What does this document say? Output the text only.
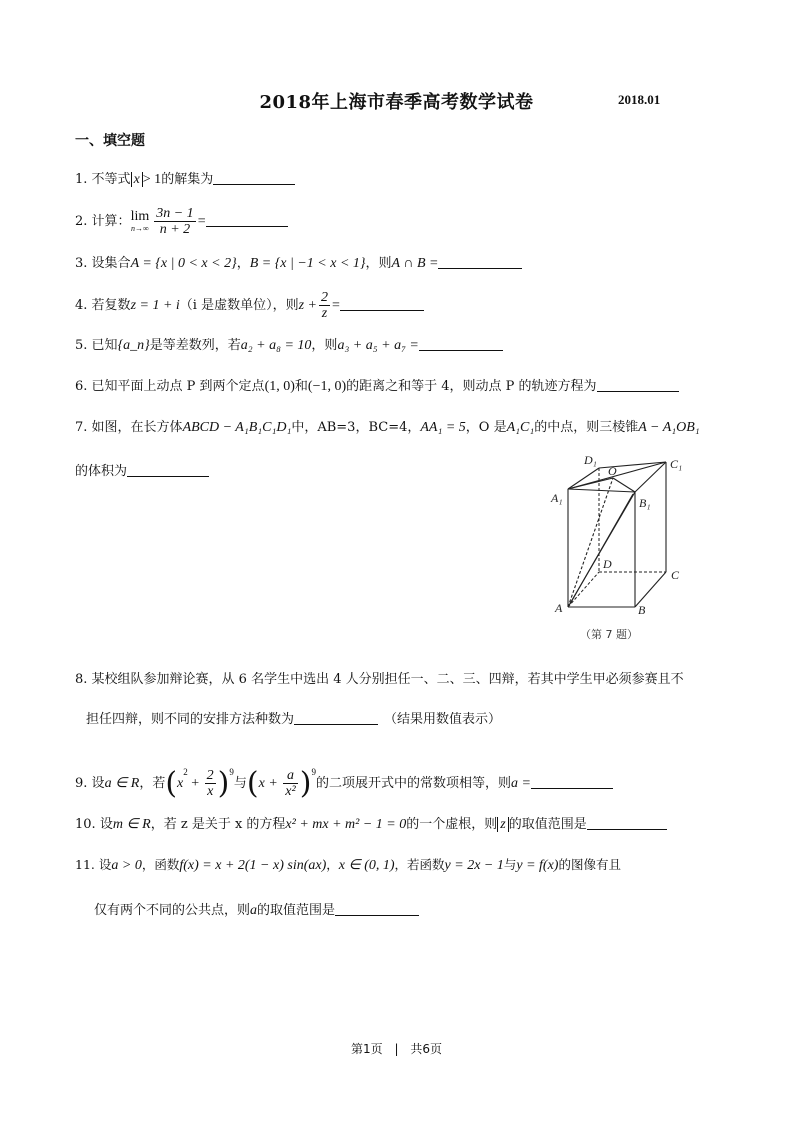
2018年上海市春季高考数学试卷	2018.01
一、填空题
1. 不等式 x > 1的解集为
2. 计算： lim
$n\to\infty \frac{3n - 1}{n + 2}$ =
3. 设集合A = {x | 0 < x < 2}，B = {x | −1 < x < 1}，则A ∩ B =
4. 若复数z = 1 + i（i 是虚数单位），则$z + \frac{2}{z}$ =
5. 已知{a_n}是等差数列，若a₂ + a₈ = 10，则a₃ + a₅ + a₇ =
6. 已知平面上动点 P 到两个定点(1, 0)和(−1, 0)的距离之和等于 4，则动点 P 的轨迹方程为
7. 如图，在长方体ABCD − A₁B₁C₁D₁中，AB=3，BC=4，AA₁ = 5，O 是A₁C₁的中点，则三棱锥A − A₁OB₁
的体积为
D₁
O	C₁
A₁	B₁
D
C
A	B
（第 7 题）
8. 某校组队参加辩论赛，从 6 名学生中选出 4 人分别担任一、二、三、四辩，若其中学生甲必须参赛且不
担任四辩，则不同的安排方法种数为	（结果用数值表示）
9. 设a ∈ R，若$(x^2 + \frac{2}{x} )^9$与$(x + \frac{a}{\text{x²}} )^9$的二项展开式中的常数项相等，则a =
10. 设m ∈ R，若 z 是关于 x 的方程x² + mx + m² − 1 = 0的一个虚根，则 z 的取值范围是
11. 设a > 0，函数f(x) = x + 2(1 − x) sin(ax)，x ∈ (0, 1)，若函数y = 2x − 1与y = f(x)的图像有且
仅有两个不同的公共点，则a的取值范围是
第1页 | 共6页
